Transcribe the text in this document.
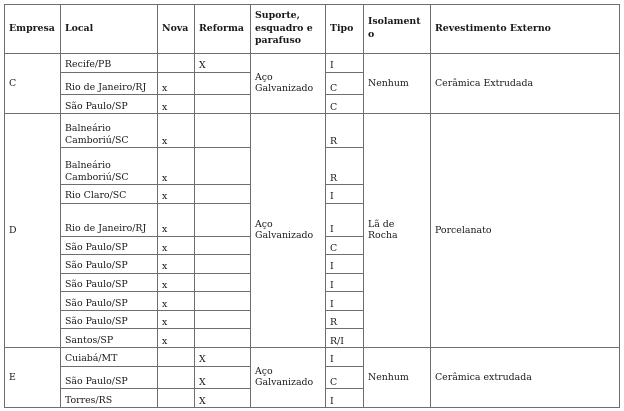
Empresa	Local	Nova	Reforma	Suporte, esquadro e parafuso	Tipo	Isolamento	Revestimento Externo
C	Recife/PB		X	Aço Galvanizado	I	Nenhum	Cerâmica Extrudada
	Rio de Janeiro/RJ	x			C		
	São Paulo/SP	x			C		
D	Balneário Camboriú/SC	x		Aço Galvanizado	R	Lã de Rocha	Porcelanato
	Balneário Camboriú/SC	x			R		
	Rio Claro/SC	x			I		
	Rio de Janeiro/RJ	x			I		
	São Paulo/SP	x			C		
	São Paulo/SP	x			I		
	São Paulo/SP	x			I		
	São Paulo/SP	x			I		
	São Paulo/SP	x			R		
	Santos/SP	x			R/I		
E	Cuiabá/MT		X	Aço Galvanizado	I	Nenhum	Cerâmica extrudada
	São Paulo/SP		X		C		
	Torres/RS		X		I		
